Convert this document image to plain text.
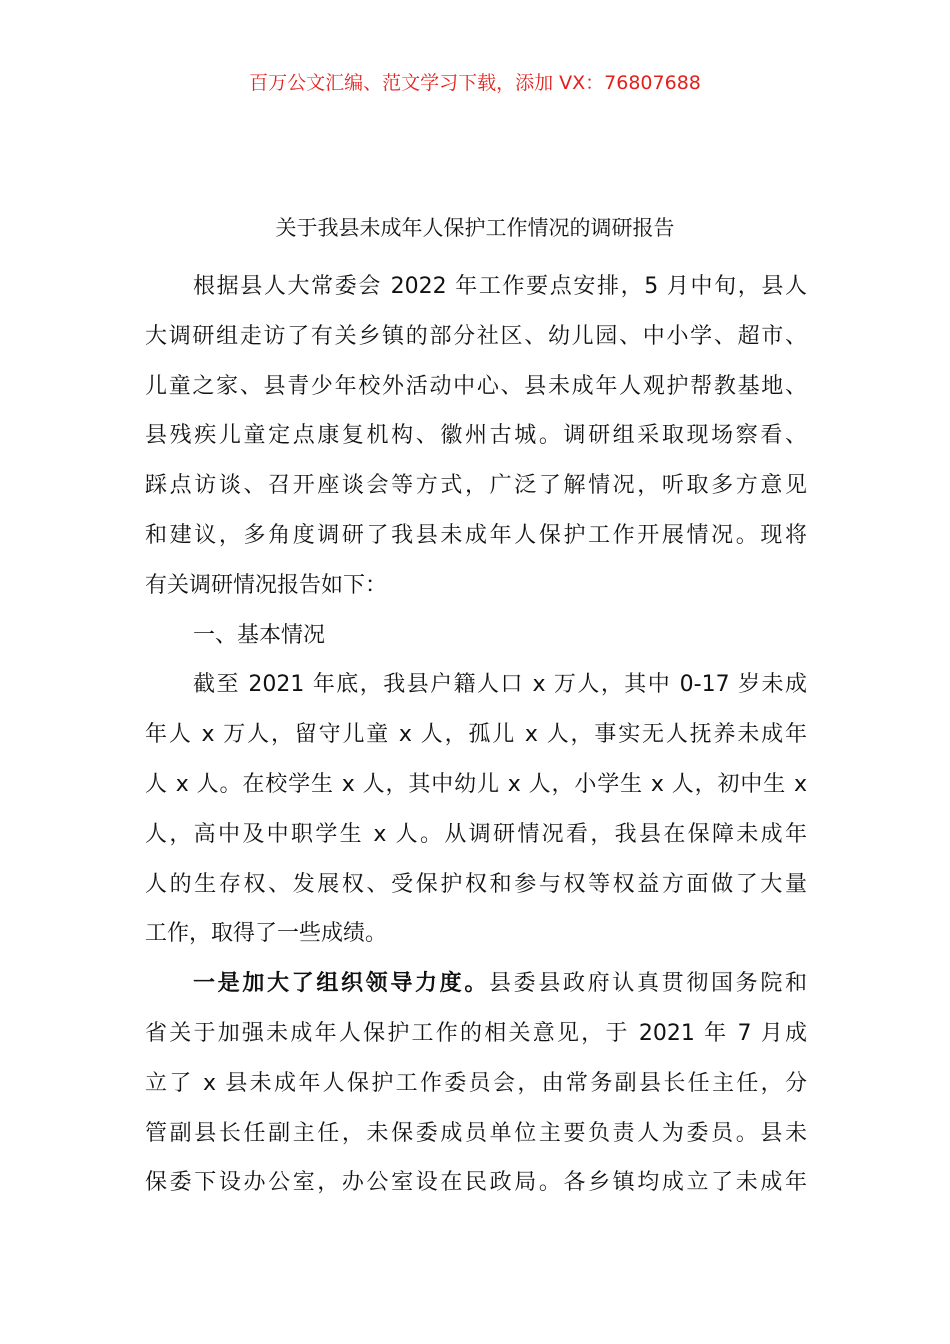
百万公文汇编、范文学习下载，添加 VX：76807688
关于我县未成年人保护工作情况的调研报告
根据县人大常委会 2022 年工作要点安排，5 月中旬，县人
大调研组走访了有关乡镇的部分社区、幼儿园、中小学、超市、
儿童之家、县青少年校外活动中心、县未成年人观护帮教基地、
县残疾儿童定点康复机构、徽州古城。调研组采取现场察看、
踩点访谈、召开座谈会等方式，广泛了解情况，听取多方意见
和建议，多角度调研了我县未成年人保护工作开展情况。现将
有关调研情况报告如下：
一、基本情况
截至 2021 年底，我县户籍人口 x 万人，其中 0-17 岁未成
年人 x 万人，留守儿童 x 人，孤儿 x 人，事实无人抚养未成年
人 x 人。在校学生 x 人，其中幼儿 x 人，小学生 x 人，初中生 x
人，高中及中职学生 x 人。从调研情况看，我县在保障未成年
人的生存权、发展权、受保护权和参与权等权益方面做了大量
工作，取得了一些成绩。
一是加大了组织领导力度。县委县政府认真贯彻国务院和
省关于加强未成年人保护工作的相关意见，于 2021 年 7 月成
立了 x 县未成年人保护工作委员会，由常务副县长任主任，分
管副县长任副主任，未保委成员单位主要负责人为委员。县未
保委下设办公室，办公室设在民政局。各乡镇均成立了未成年
